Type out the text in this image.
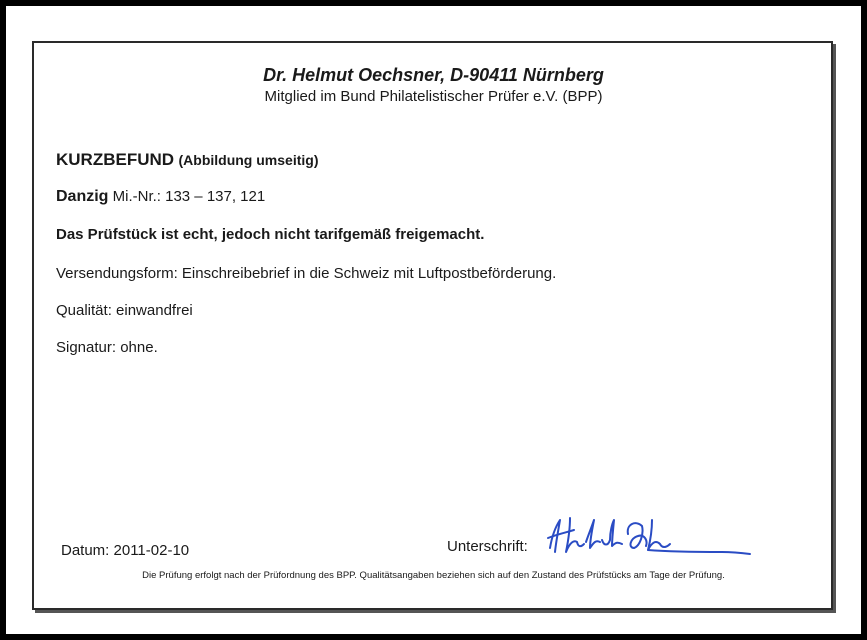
Dr. Helmut Oechsner, D-90411 Nürnberg
Mitglied im Bund Philatelistischer Prüfer e.V. (BPP)
KURZBEFUND (Abbildung umseitig)
Danzig Mi.-Nr.: 133 – 137, 121
Das Prüfstück ist echt, jedoch nicht tarifgemäß freigemacht.
Versendungsform: Einschreibebrief in die Schweiz mit Luftpostbeförderung.
Qualität: einwandfrei
Signatur: ohne.
Datum: 2011-02-10	Unterschrift:
Die Prüfung erfolgt nach der Prüfordnung des BPP. Qualitätsangaben beziehen sich auf den Zustand des Prüfstücks am Tage der Prüfung.
